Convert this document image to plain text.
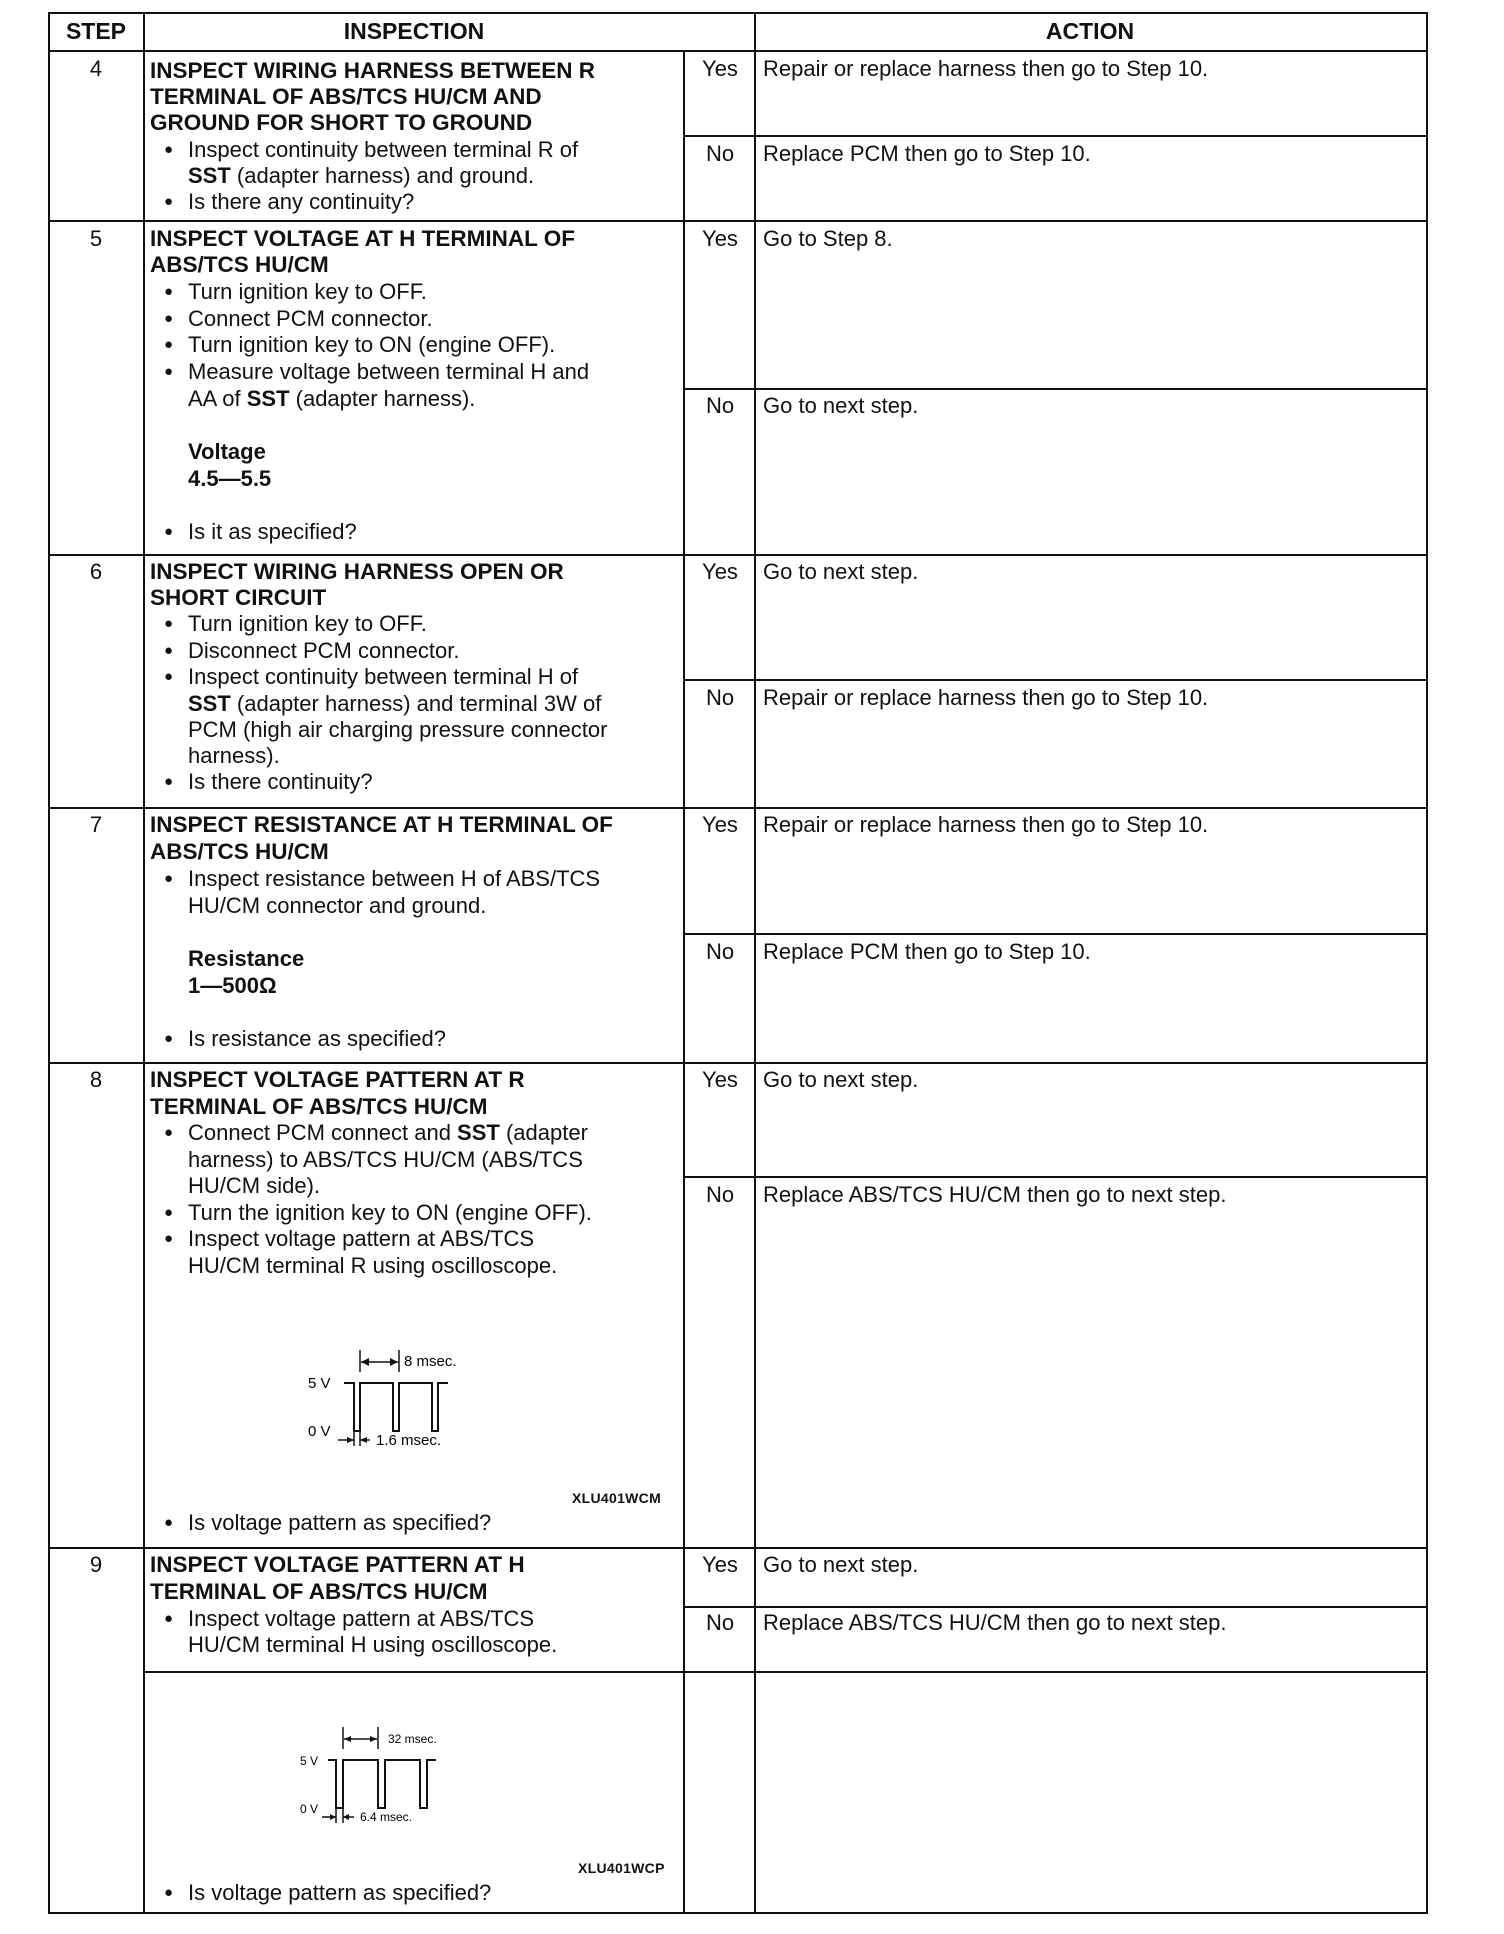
STEP	INSPECTION	ACTION
4	INSPECT WIRING HARNESS BETWEEN R
TERMINAL OF ABS/TCS HU/CM AND
GROUND FOR SHORT TO GROUND
● Inspect continuity between terminal R of
SST (adapter harness) and ground.
● Is there any continuity?
Yes	Repair or replace harness then go to Step 10.
No	Replace PCM then go to Step 10.
5	INSPECT VOLTAGE AT H TERMINAL OF
ABS/TCS HU/CM
● Turn ignition key to OFF.
● Connect PCM connector.
● Turn ignition key to ON (engine OFF).
● Measure voltage between terminal H and
AA of SST (adapter harness).
Voltage
4.5—5.5
● Is it as specified?
Yes	Go to Step 8.
No	Go to next step.
6	INSPECT WIRING HARNESS OPEN OR
SHORT CIRCUIT
● Turn ignition key to OFF.
● Disconnect PCM connector.
● Inspect continuity between terminal H of
SST (adapter harness) and terminal 3W of
PCM (high air charging pressure connector
harness).
● Is there continuity?
Yes	Go to next step.
No	Repair or replace harness then go to Step 10.
7	INSPECT RESISTANCE AT H TERMINAL OF
ABS/TCS HU/CM
● Inspect resistance between H of ABS/TCS
HU/CM connector and ground.
Resistance
1—500Ω
● Is resistance as specified?
Yes	Repair or replace harness then go to Step 10.
No	Replace PCM then go to Step 10.
8	INSPECT VOLTAGE PATTERN AT R
TERMINAL OF ABS/TCS HU/CM
● Connect PCM connect and SST (adapter
harness) to ABS/TCS HU/CM (ABS/TCS
HU/CM side).
● Turn the ignition key to ON (engine OFF).
● Inspect voltage pattern at ABS/TCS
HU/CM terminal R using oscilloscope.
5 V
0 V
8 msec.
1.6 msec.
XLU401WCM
● Is voltage pattern as specified?
Yes	Go to next step.
No	Replace ABS/TCS HU/CM then go to next step.
9	INSPECT VOLTAGE PATTERN AT H
TERMINAL OF ABS/TCS HU/CM
● Inspect voltage pattern at ABS/TCS
HU/CM terminal H using oscilloscope.
5 V
0 V
32 msec.
6.4 msec.
XLU401WCP
● Is voltage pattern as specified?
Yes	Go to next step.
No	Replace ABS/TCS HU/CM then go to next step.
